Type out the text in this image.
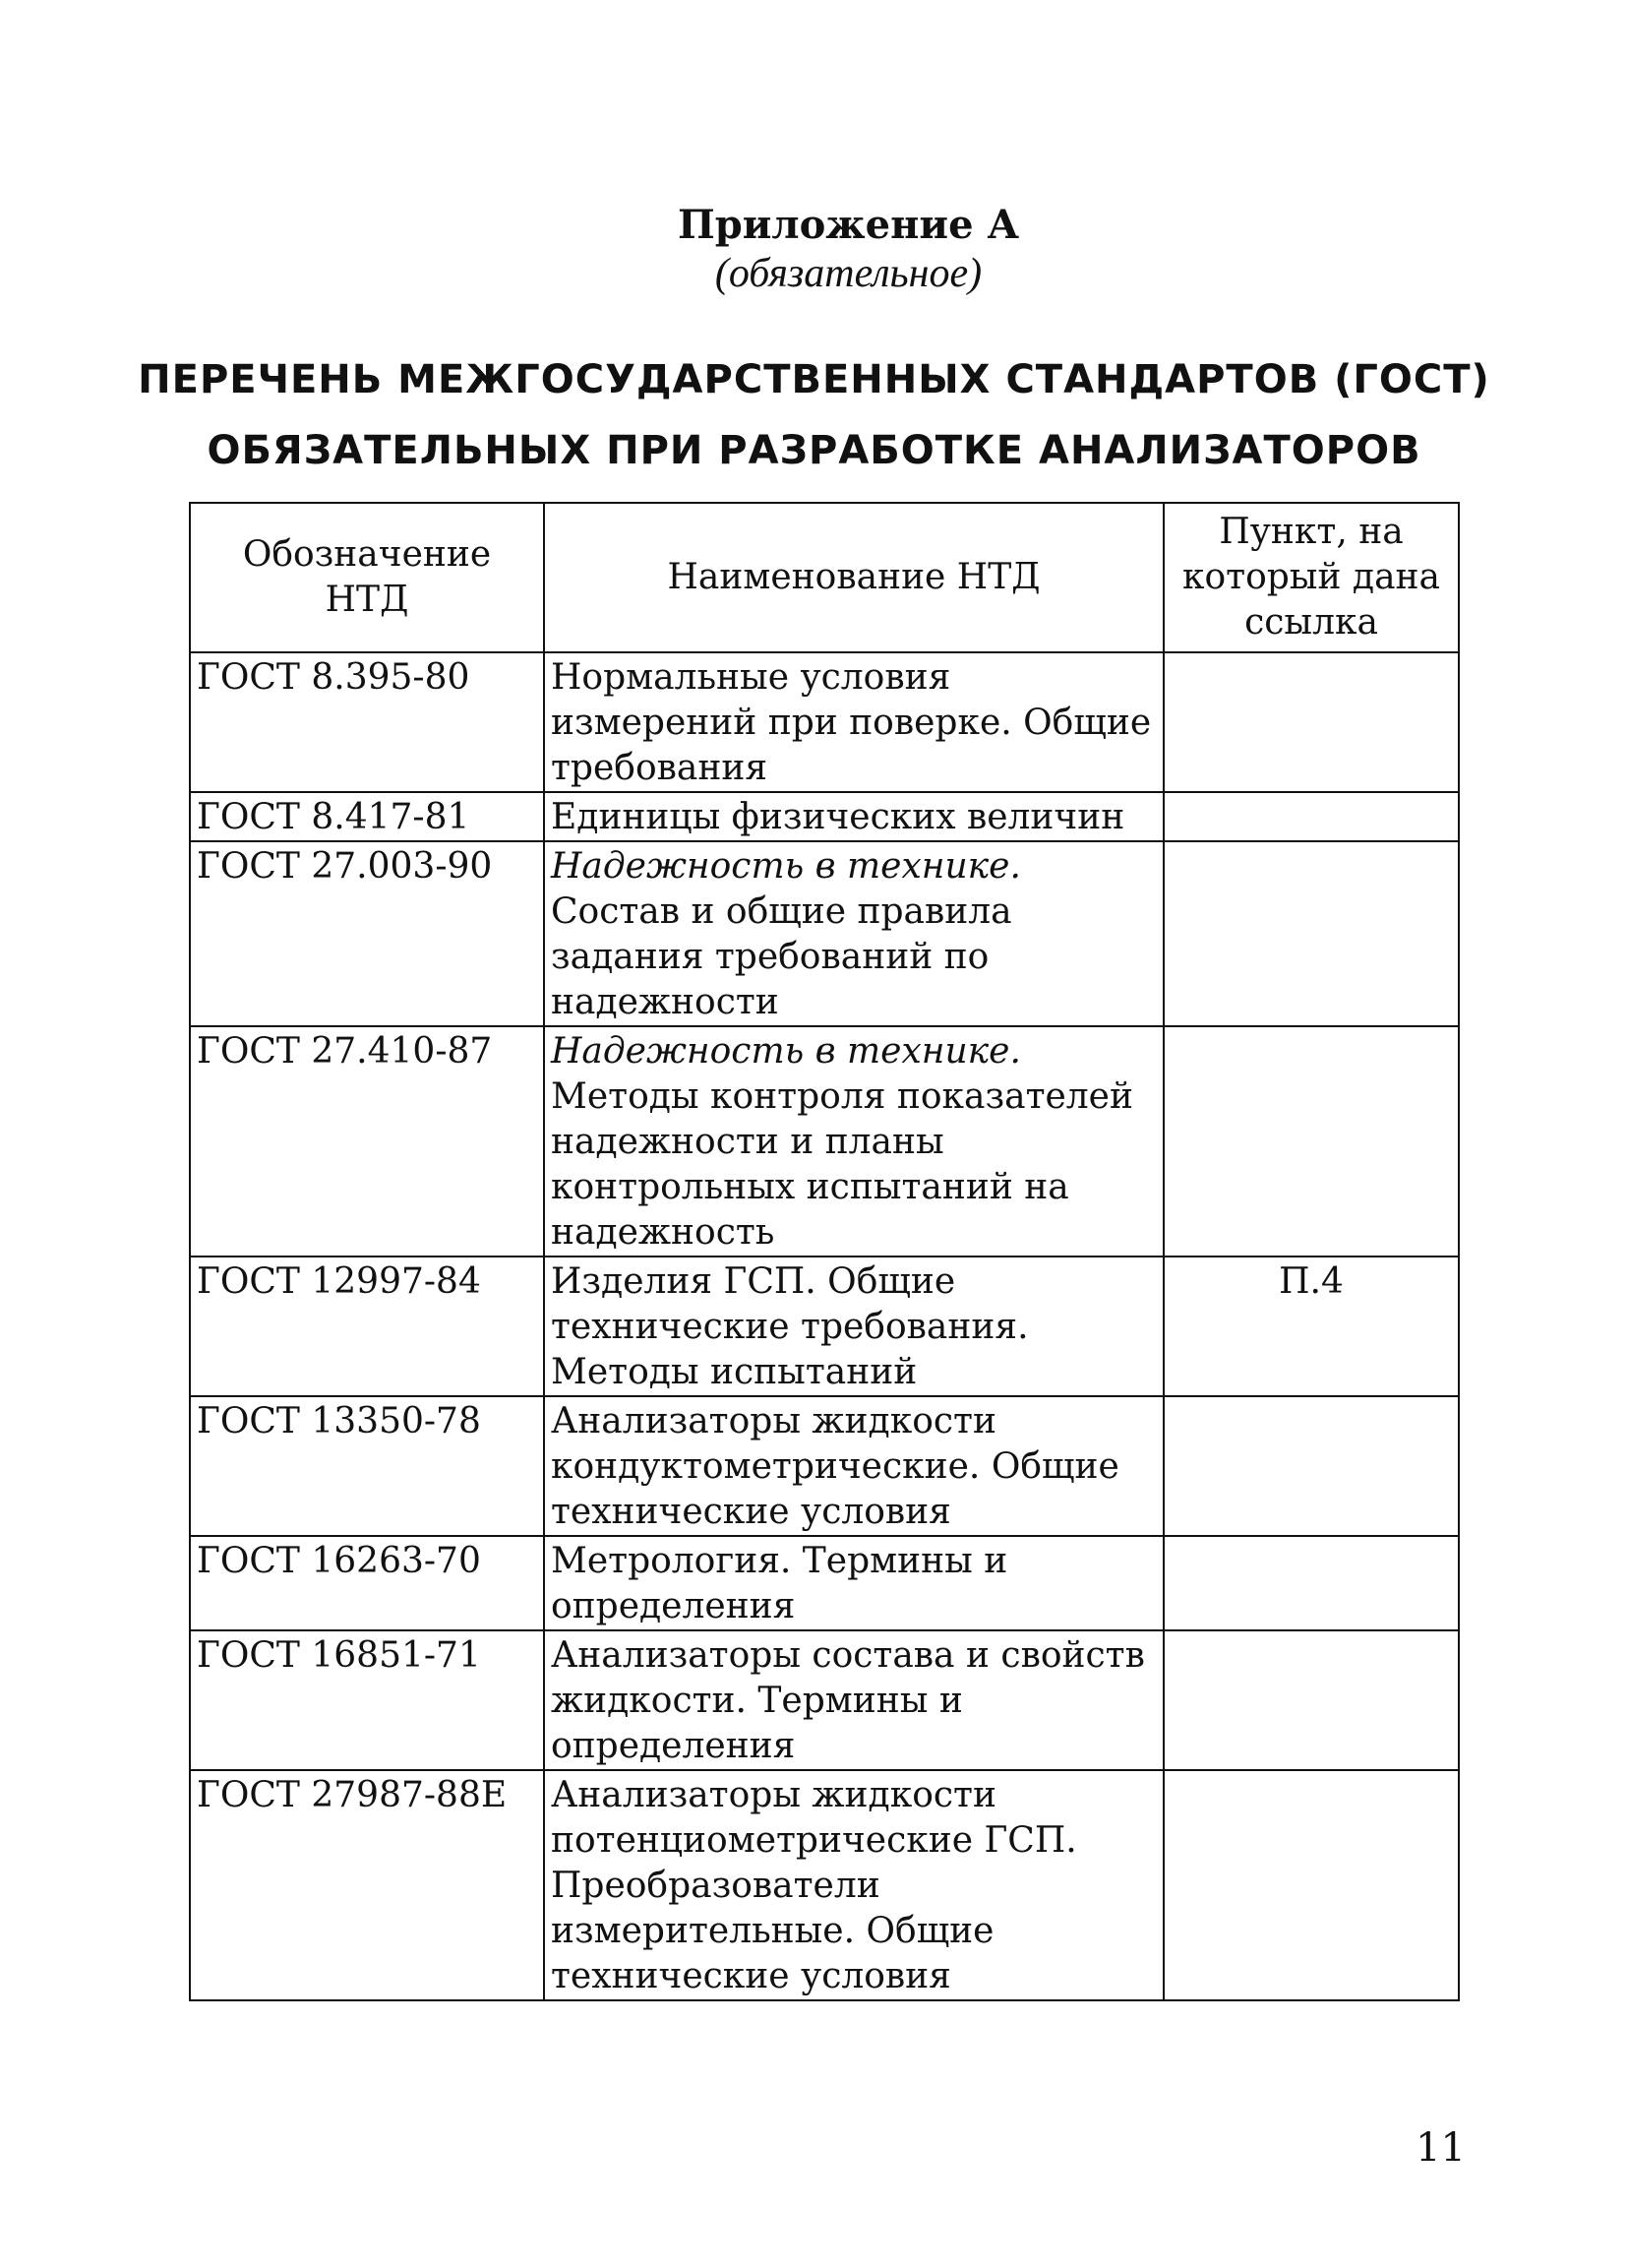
Приложение А
(обязательное)
ПЕРЕЧЕНЬ МЕЖГОСУДАРСТВЕННЫХ СТАНДАРТОВ (ГОСТ)
ОБЯЗАТЕЛЬНЫХ ПРИ РАЗРАБОТКЕ АНАЛИЗАТОРОВ
Обозначение НТД	Наименование НТД	Пункт, на который дана ссылка
ГОСТ 8.395-80	Нормальные условия измерений при поверке. Общие требования	
ГОСТ 8.417-81	Единицы физических величин	
ГОСТ 27.003-90	Надежность в технике. Состав и общие правила задания требований по надежности	
ГОСТ 27.410-87	Надежность в технике. Методы контроля показателей надежности и планы контрольных испытаний на надежность	
ГОСТ 12997-84	Изделия ГСП. Общие технические требования. Методы испытаний	П.4
ГОСТ 13350-78	Анализаторы жидкости кондуктометрические. Общие технические условия	
ГОСТ 16263-70	Метрология. Термины и определения	
ГОСТ 16851-71	Анализаторы состава и свойств жидкости. Термины и определения	
ГОСТ 27987-88Е	Анализаторы жидкости потенциометрические ГСП. Преобразователи измерительные. Общие технические условия	
11
